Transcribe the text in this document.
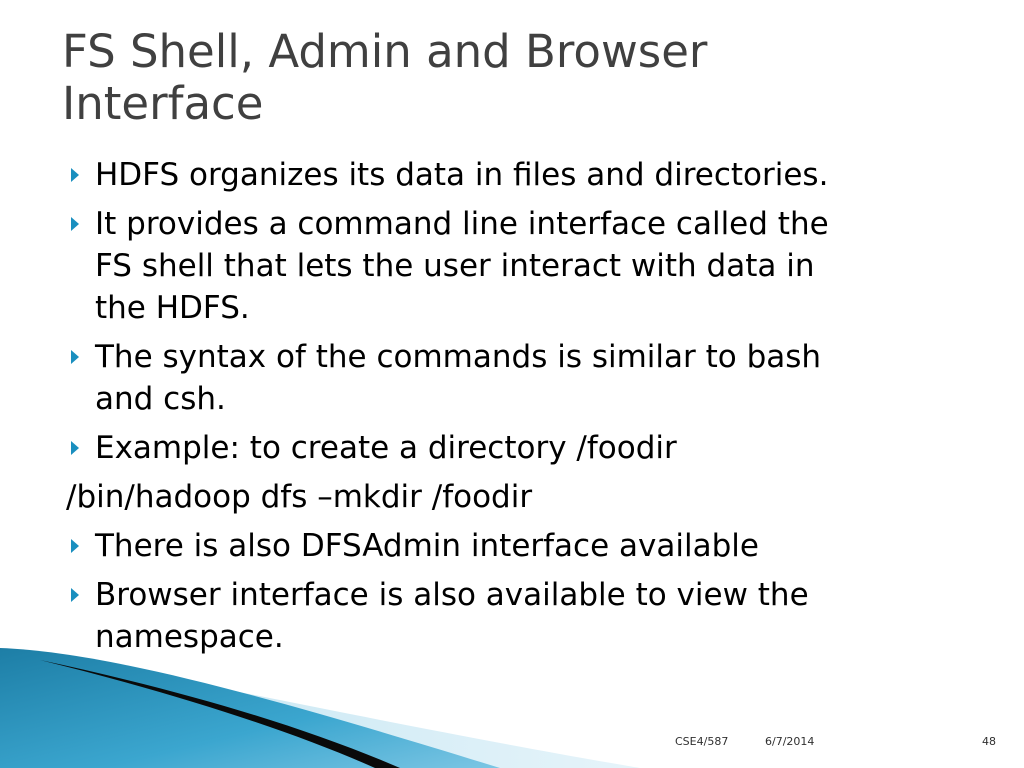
FS Shell, Admin and Browser
Interface
HDFS organizes its data in files and directories.
It provides a command line interface called the
FS shell that lets the user interact with data in
the HDFS.
The syntax of the commands is similar to bash
and csh.
Example: to create a directory /foodir
/bin/hadoop dfs –mkdir /foodir
There is also DFSAdmin interface available
Browser interface is also available to view the
namespace.
CSE4/587	6/7/2014	48
